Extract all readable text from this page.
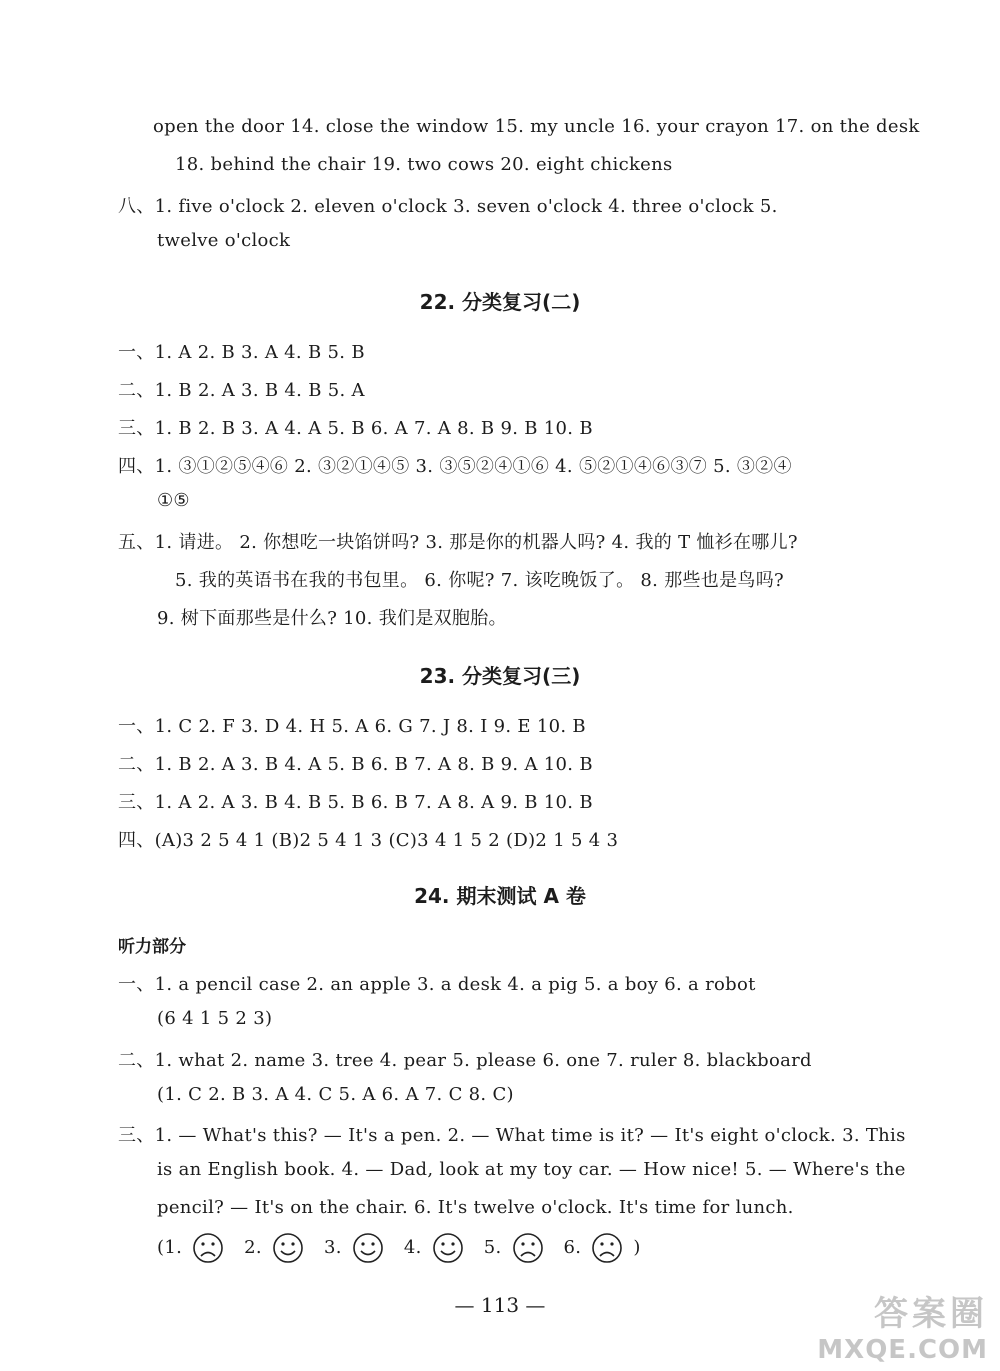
open the door 14. close the window 15. my uncle 16. your crayon 17. on the desk
18. behind the chair 19. two cows 20. eight chickens
八、1. five o'clock 2. eleven o'clock 3. seven o'clock 4. three o'clock 5.
twelve o'clock
22. 分类复习(二)
一、1. A 2. B 3. A 4. B 5. B
二、1. B 2. A 3. B 4. B 5. A
三、1. B 2. B 3. A 4. A 5. B 6. A 7. A 8. B 9. B 10. B
四、1. ③①②⑤④⑥ 2. ③②①④⑤ 3. ③⑤②④①⑥ 4. ⑤②①④⑥③⑦ 5. ③②④
①⑤
五、1. 请进。 2. 你想吃一块馅饼吗? 3. 那是你的机器人吗? 4. 我的 T 恤衫在哪儿?
5. 我的英语书在我的书包里。 6. 你呢? 7. 该吃晚饭了。 8. 那些也是鸟吗?
9. 树下面那些是什么? 10. 我们是双胞胎。
23. 分类复习(三)
一、1. C 2. F 3. D 4. H 5. A 6. G 7. J 8. I 9. E 10. B
二、1. B 2. A 3. B 4. A 5. B 6. B 7. A 8. B 9. A 10. B
三、1. A 2. A 3. B 4. B 5. B 6. B 7. A 8. A 9. B 10. B
四、(A)3 2 5 4 1 (B)2 5 4 1 3 (C)3 4 1 5 2 (D)2 1 5 4 3
24. 期末测试 A 卷
听力部分
一、1. a pencil case 2. an apple 3. a desk 4. a pig 5. a boy 6. a robot
(6 4 1 5 2 3)
二、1. what 2. name 3. tree 4. pear 5. please 6. one 7. ruler 8. blackboard
(1. C 2. B 3. A 4. C 5. A 6. A 7. C 8. C)
三、1. — What's this? — It's a pen. 2. — What time is it? — It's eight o'clock. 3. This
is an English book. 4. — Dad, look at my toy car. — How nice! 5. — Where's the
pencil? — It's on the chair. 6. It's twelve o'clock. It's time for lunch.
(1.	2.	3.	4.	5.	6.	)
— 113 —	答案圈
MXQE.COM
